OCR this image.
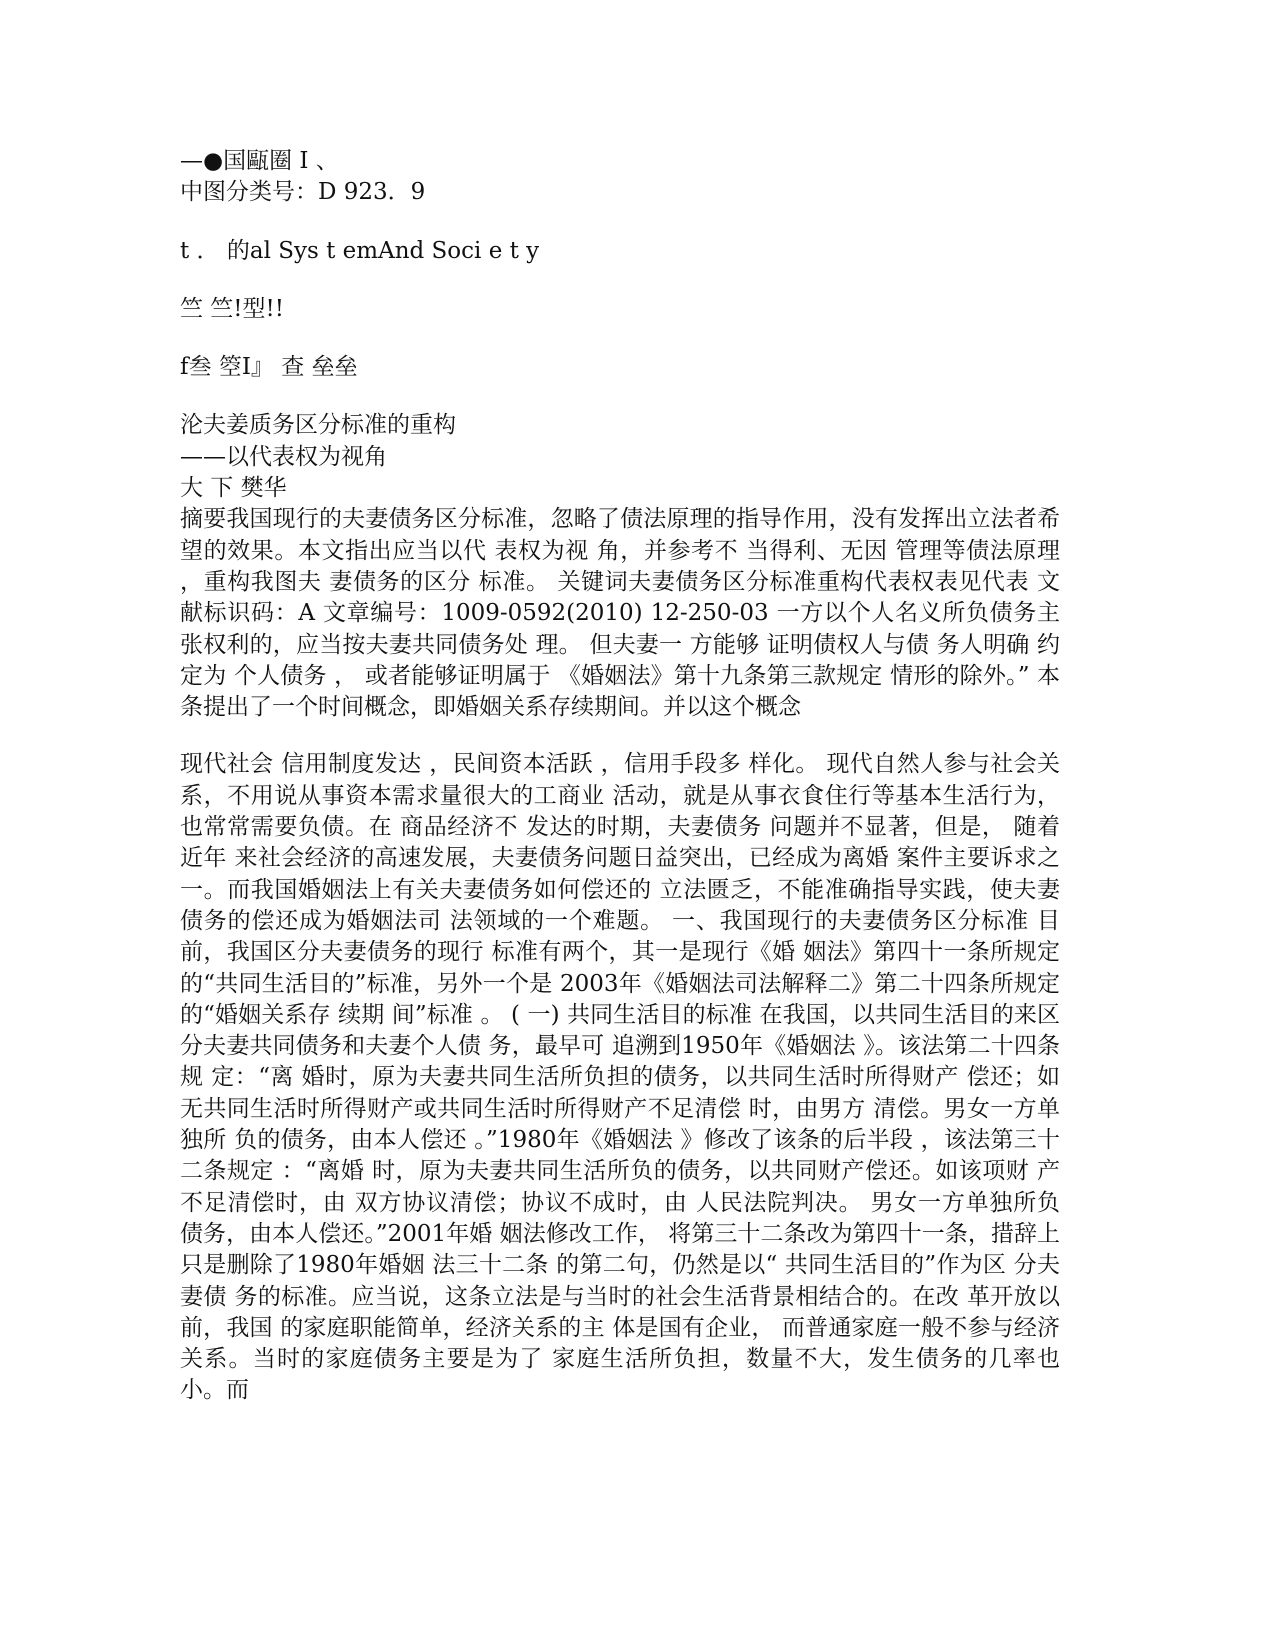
—●国甌圈 I 、
中图分类号：D 923．9
t ． 的al Sys t emAnd Soci e t y
竺 竺!型!!
f叁 箜I』 查 垒垒
沦夫姜质务区分标准的重构
——以代表权为视角
大 下 樊华

摘要我国现行的夫妻债务区分标准，忽略了债法原理的指导作用，没有发挥出立法者希望的效果。本文指出应当以代 表权为视 角，并参考不 当得利、无因 管理等债法原理 ，重构我图夫 妻债务的区分 标准。 关键词夫妻债务区分标准重构代表权表见代表 文献标识码：A 文章编号：1009-0592(2010) 12-250-03 一方以个人名义所负债务主张权利的，应当按夫妻共同债务处 理。 但夫妻一 方能够 证明债权人与债 务人明确 约定为 个人债务 ， 或者能够证明属于 《婚姻法》第十九条第三款规定 情形的除外。” 本条提出了一个时间概念，即婚姻关系存续期间。并以这个概念

现代社会 信用制度发达 ，民间资本活跃 ，信用手段多 样化。 现代自然人参与社会关系，不用说从事资本需求量很大的工商业 活动，就是从事衣食住行等基本生活行为，也常常需要负债。在 商品经济不 发达的时期，夫妻债务 问题并不显著，但是， 随着近年 来社会经济的高速发展，夫妻债务问题日益突出，已经成为离婚 案件主要诉求之一。而我国婚姻法上有关夫妻债务如何偿还的 立法匮乏，不能准确指导实践，使夫妻债务的偿还成为婚姻法司 法领域的一个难题。 一、我国现行的夫妻债务区分标准 目前，我国区分夫妻债务的现行 标准有两个，其一是现行《婚 姻法》第四十一条所规定的“共同生活目的”标准，另外一个是 2003年《婚姻法司法解释二》第二十四条所规定的“婚姻关系存 续期 间”标准 。 ( 一) 共同生活目的标准 在我国，以共同生活目的来区分夫妻共同债务和夫妻个人债 务，最早可 追溯到1950年《婚姻法 》。该法第二十四条规 定：“离 婚时，原为夫妻共同生活所负担的债务，以共同生活时所得财产 偿还；如无共同生活时所得财产或共同生活时所得财产不足清偿 时，由男方 清偿。男女一方单独所 负的债务，由本人偿还 。”1980年《婚姻法 》修改了该条的后半段 ，该法第三十二条规定 ：“离婚 时，原为夫妻共同生活所负的债务，以共同财产偿还。如该项财 产不足清偿时，由 双方协议清偿；协议不成时，由 人民法院判决。 男女一方单独所负 债务，由本人偿还。”2001年婚 姻法修改工作， 将第三十二条改为第四十一条，措辞上只是删除了1980年婚姻 法三十二条 的第二句，仍然是以“ 共同生活目的”作为区 分夫妻债 务的标准。应当说，这条立法是与当时的社会生活背景相结合的。在改 革开放以前，我国 的家庭职能简单，经济关系的主 体是国有企业， 而普通家庭一般不参与经济关系。当时的家庭债务主要是为了 家庭生活所负担，数量不大，发生债务的几率也小。而
